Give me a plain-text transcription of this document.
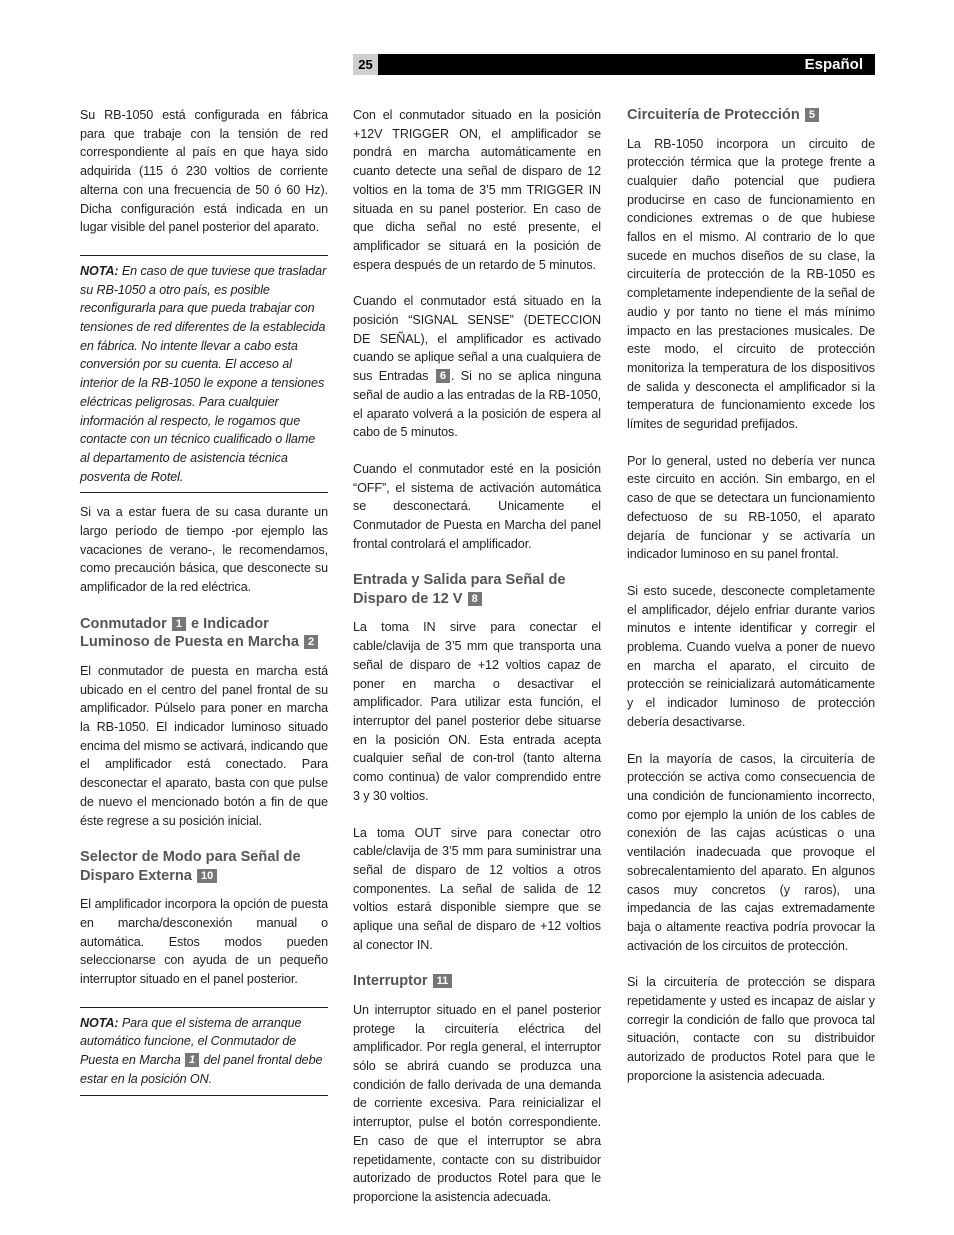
Español
25

Su RB-1050 está configurada en fábrica para que trabaje con la tensión de red correspondiente al país en que haya sido adquirida (115 ó 230 voltios de corriente alterna con una frecuencia de 50 ó 60 Hz). Dicha configuración está indicada en un lugar visible del panel posterior del aparato.

NOTA: En caso de que tuviese que trasladar su RB-1050 a otro país, es posible reconfigurarla para que pueda trabajar con tensiones de red diferentes de la establecida en fábrica. No intente llevar a cabo esta conversión por su cuenta. El acceso al interior de la RB-1050 le expone a tensiones eléctricas peligrosas. Para cualquier información al respecto, le rogamos que contacte con un técnico cualificado o llame al departamento de asistencia técnica posventa de Rotel.

Si va a estar fuera de su casa durante un largo período de tiempo -por ejemplo las vacaciones de verano-, le recomendamos, como precaución básica, que desconecte su amplificador de la red eléctrica.

Conmutador 1 e Indicador Luminoso de Puesta en Marcha 2

El conmutador de puesta en marcha está ubicado en el centro del panel frontal de su amplificador. Púlselo para poner en marcha la RB-1050. El indicador luminoso situado encima del mismo se activará, indicando que el amplificador está conectado. Para desconectar el aparato, basta con que pulse de nuevo el mencionado botón a fin de que éste regrese a su posición inicial.

Selector de Modo para Señal de Disparo Externa 10

El amplificador incorpora la opción de puesta en marcha/desconexión manual o automática. Estos modos pueden seleccionarse con ayuda de un pequeño interruptor situado en el panel posterior.

NOTA: Para que el sistema de arranque automático funcione, el Conmutador de Puesta en Marcha 1 del panel frontal debe estar en la posición ON.

Con el conmutador situado en la posición +12V TRIGGER ON, el amplificador se pondrá en marcha automáticamente en cuanto detecte una señal de disparo de 12 voltios en la toma de 3’5 mm TRIGGER IN situada en su panel posterior. En caso de que dicha señal no esté presente, el amplificador se situará en la posición de espera después de un retardo de 5 minutos.

Cuando el conmutador está situado en la posición “SIGNAL SENSE” (DETECCION DE SEÑAL), el amplificador es activado cuando se aplique señal a una cualquiera de sus Entradas 6 . Si no se aplica ninguna señal de audio a las entradas de la RB-1050, el aparato volverá a la posición de espera al cabo de 5 minutos.

Cuando el conmutador esté en la posición “OFF”, el sistema de activación automática se desconectará. Unicamente el Conmutador de Puesta en Marcha del panel frontal controlará el amplificador.

Entrada y Salida para Señal de Disparo de 12 V 8

La toma IN sirve para conectar el cable/clavija de 3’5 mm que transporta una señal de disparo de +12 voltios capaz de poner en marcha o desactivar el amplificador. Para utilizar esta función, el interruptor del panel posterior debe situarse en la posición ON. Esta entrada acepta cualquier señal de con-trol (tanto alterna como continua) de valor comprendido entre 3 y 30 voltios.

La toma OUT sirve para conectar otro cable/clavija de 3’5 mm para suministrar una señal de disparo de 12 voltios a otros componentes. La señal de salida de 12 voltios estará disponible siempre que se aplique una señal de disparo de +12 voltios al conector IN.

Interruptor 11

Un interruptor situado en el panel posterior protege la circuitería eléctrica del amplificador. Por regla general, el interruptor sólo se abrirá cuando se produzca una condición de fallo derivada de una demanda de corriente excesiva. Para reinicializar el interruptor, pulse el botón correspondiente. En caso de que el interruptor se abra repetidamente, contacte con su distribuidor autorizado de productos Rotel para que le proporcione la asistencia adecuada.

Circuitería de Protección 5

La RB-1050 incorpora un circuito de protección térmica que la protege frente a cualquier daño potencial que pudiera producirse en caso de funcionamiento en condiciones extremas o de que hubiese fallos en el mismo. Al contrario de lo que sucede en muchos diseños de su clase, la circuitería de protección de la RB-1050 es completamente independiente de la señal de audio y por tanto no tiene el más mínimo impacto en las prestaciones musicales. De este modo, el circuito de protección monitoriza la temperatura de los dispositivos de salida y desconecta el amplificador si la temperatura de funcionamiento excede los límites de seguridad prefijados.

Por lo general, usted no debería ver nunca este circuito en acción. Sin embargo, en el caso de que se detectara un funcionamiento defectuoso de su RB-1050, el aparato dejaría de funcionar y se activaría un indicador luminoso en su panel frontal.

Si esto sucede, desconecte completamente el amplificador, déjelo enfriar durante varios minutos e intente identificar y corregir el problema. Cuando vuelva a poner de nuevo en marcha el aparato, el circuito de protección se reinicializará automáticamente y el indicador luminoso de protección debería desactivarse.

En la mayoría de casos, la circuitería de protección se activa como consecuencia de una condición de funcionamiento incorrecto, como por ejemplo la unión de los cables de conexión de las cajas acústicas o una ventilación inadecuada que provoque el sobrecalentamiento del aparato. En algunos casos muy concretos (y raros), una impedancia de las cajas extremadamente baja o altamente reactiva podría provocar la activación de los circuitos de protección.

Si la circuitería de protección se dispara repetidamente y usted es incapaz de aislar y corregir la condición de fallo que provoca tal situación, contacte con su distribuidor autorizado de productos Rotel para que le proporcione la asistencia adecuada.
